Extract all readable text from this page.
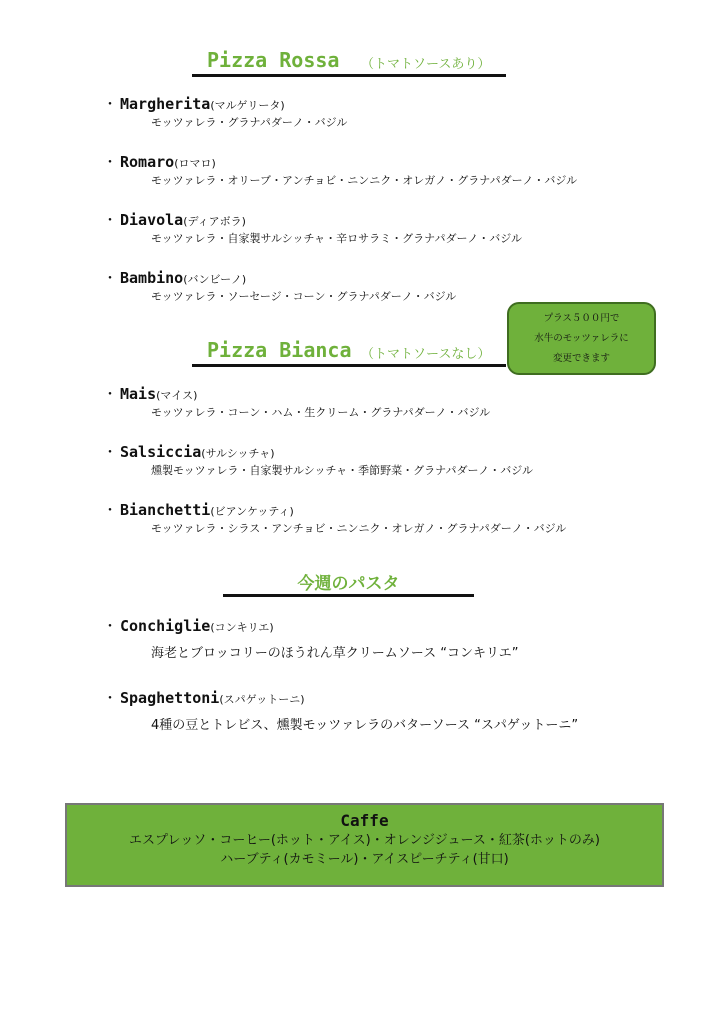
Pizza Rossa （トマトソースあり）
・ Margherita(マルゲリータ)
モッツァレラ・グラナパダーノ・バジル
・ Romaro(ロマロ)
モッツァレラ・オリーブ・アンチョビ・ニンニク・オレガノ・グラナパダーノ・バジル
・ Diavola(ディアボラ)
モッツァレラ・自家製サルシッチャ・辛ロサラミ・グラナパダーノ・バジル
・ Bambino(バンビーノ)
モッツァレラ・ソーセージ・コーン・グラナパダーノ・バジル
プラス５００円で
水牛のモッツァレラに
変更できます
Pizza Bianca （トマトソースなし）
・ Mais(マイス)
モッツァレラ・コーン・ハム・生クリーム・グラナパダーノ・バジル
・ Salsiccia(サルシッチャ)
燻製モッツァレラ・自家製サルシッチャ・季節野菜・グラナパダーノ・バジル
・ Bianchetti(ビアンケッティ)
モッツァレラ・シラス・アンチョビ・ニンニク・オレガノ・グラナパダーノ・バジル
今週のパスタ
・ Conchiglie(コンキリエ)
海老とブロッコリーのほうれん草クリームソース “コンキリエ”
・ Spaghettoni(スパゲットーニ)
4種の豆とトレビス、燻製モッツァレラのバターソース “スパゲットーニ”
Caffe
エスプレッソ・コーヒー(ホット・アイス)・オレンジジュース・紅茶(ホットのみ)
ハーブティ(カモミール)・アイスピーチティ(甘口)
